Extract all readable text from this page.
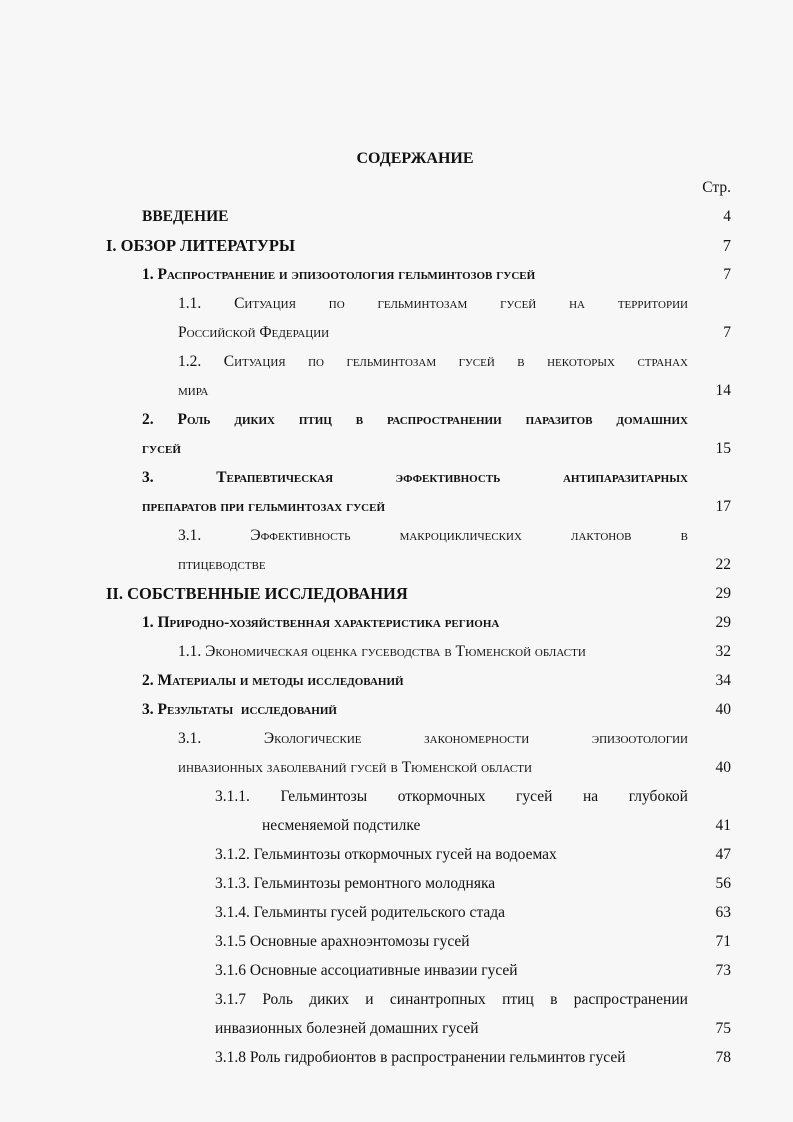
СОДЕРЖАНИЕ
Стр.
ВВЕДЕНИЕ	4
I. ОБЗОР ЛИТЕРАТУРЫ	7
1. Распространение и эпизоотология гельминтозов гусей	7
1.1. Ситуация по гельминтозам гусей на территории
Российской Федерации	7
1.2. Ситуация по гельминтозам гусей в некоторых странах
мира	14
2. Роль диких птиц в распространении паразитов домашних
гусей	15
3.	Терапевтическая	эффективность	антипаразитарных
препаратов при гельминтозах гусей	17
3.1.	Эффективность	макроциклических	лактонов	в
птицеводстве	22
II. СОБСТВЕННЫЕ ИССЛЕДОВАНИЯ	29
1. Природно-хозяйственная характеристика региона	29
1.1. Экономическая оценка гусеводства в Тюменской области	32
2. Материалы и методы исследований	34
3. Результаты  исследований	40
3.1.	Экологические	закономерности	эпизоотологии
инвазионных заболеваний гусей в Тюменской области	40
3.1.1. Гельминтозы откормочных гусей на глубокой
несменяемой подстилке	41
3.1.2. Гельминтозы откормочных гусей на водоемах	47
3.1.3. Гельминтозы ремонтного молодняка	56
3.1.4. Гельминты гусей родительского стада	63
3.1.5 Основные арахноэнтомозы гусей	71
3.1.6 Основные ассоциативные инвазии гусей	73
3.1.7 Роль диких и синантропных птиц в распространении
инвазионных болезней домашних гусей	75
3.1.8 Роль гидробионтов в распространении гельминтов гусей	78
